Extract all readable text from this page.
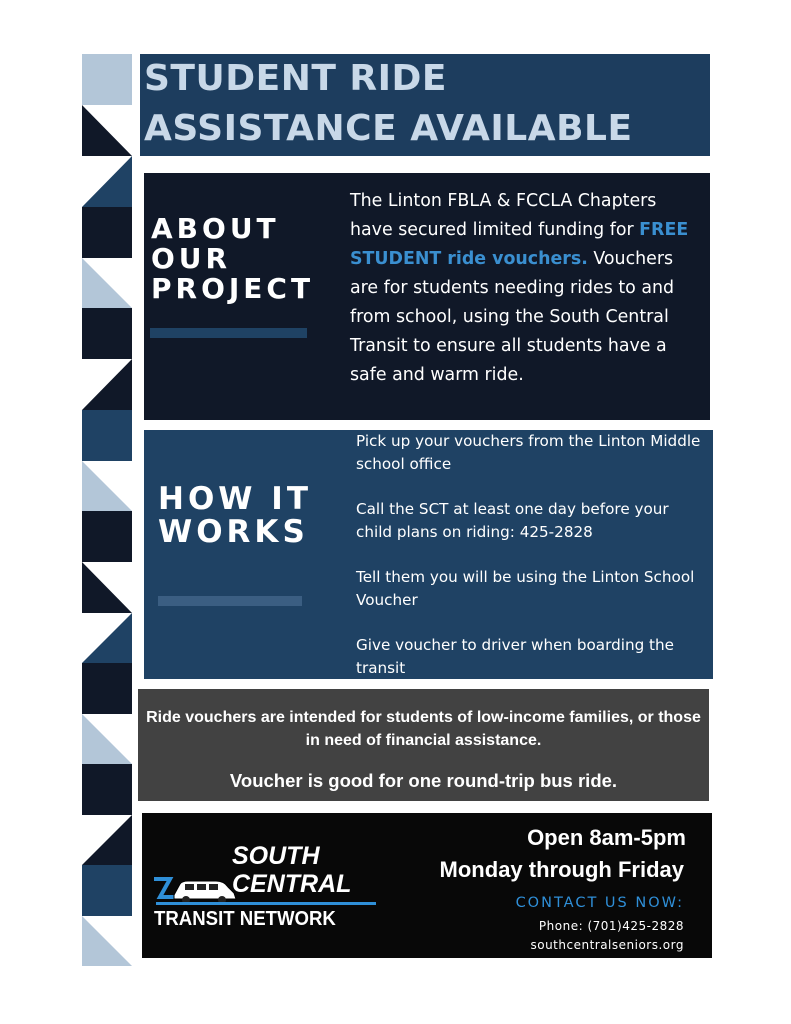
STUDENT RIDE
ASSISTANCE AVAILABLE
ABOUT
OUR
PROJECT
The Linton FBLA & FCCLA Chapters have secured limited funding for FREE STUDENT ride vouchers. Vouchers are for students needing rides to and from school, using the South Central Transit to ensure all students have a safe and warm ride.
HOW IT
WORKS

Pick up your vouchers from the Linton Middle school office

Call the SCT at least one day before your child plans on riding: 425-2828

Tell them you will be using the Linton School Voucher

Give voucher to driver when boarding the transit

Ride vouchers are intended for students of low-income families, or those in need of financial assistance.
Voucher is good for one round-trip bus ride.
SOUTH
CENTRAL
TRANSIT NETWORK
Open 8am-5pm
Monday through Friday
CONTACT US NOW:
Phone: (701)425-2828
southcentralseniors.org
